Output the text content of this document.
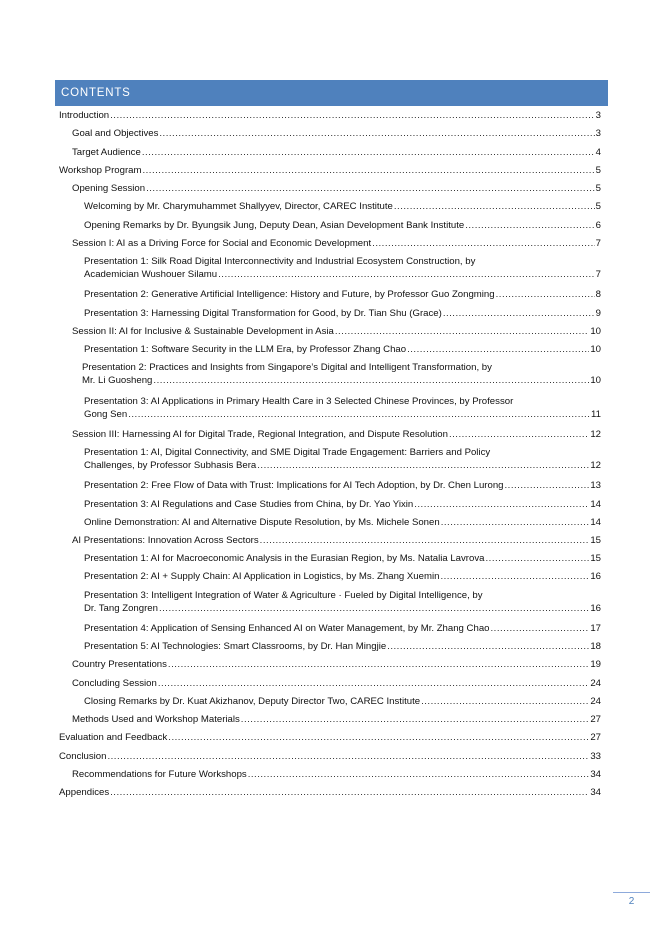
CONTENTS
Introduction .....	3
Goal and Objectives .....	3
Target Audience .....	4
Workshop Program .....	5
Opening Session .....	5
Welcoming by Mr. Charymuhammet Shallyyev, Director, CAREC Institute .....	5
Opening Remarks by Dr. Byungsik Jung, Deputy Dean, Asian Development Bank Institute .....	6
Session I: AI as a Driving Force for Social and Economic Development .....	7
Presentation 1: Silk Road Digital Interconnectivity and Industrial Ecosystem Construction, by
Academician Wushouer Silamu .....	7
Presentation 2: Generative Artificial Intelligence: History and Future, by Professor Guo Zongming .....	8
Presentation 3: Harnessing Digital Transformation for Good, by Dr. Tian Shu (Grace) .....	9
Session II: AI for Inclusive & Sustainable Development in Asia .....	10
Presentation 1: Software Security in the LLM Era, by Professor Zhang Chao .....	10
Presentation 2: Practices and Insights from Singapore’s Digital and Intelligent Transformation, by
Mr. Li Guosheng .....	10
Presentation 3: AI Applications in Primary Health Care in 3 Selected Chinese Provinces, by Professor
Gong Sen .....	11
Session III: Harnessing AI for Digital Trade, Regional Integration, and Dispute Resolution .....	12
Presentation 1: AI, Digital Connectivity, and SME Digital Trade Engagement: Barriers and Policy
Challenges, by Professor Subhasis Bera .....	12
Presentation 2: Free Flow of Data with Trust: Implications for AI Tech Adoption, by Dr. Chen Lurong .....	13
Presentation 3: AI Regulations and Case Studies from China, by Dr. Yao Yixin .....	14
Online Demonstration: AI and Alternative Dispute Resolution, by Ms. Michele Sonen .....	14
AI Presentations: Innovation Across Sectors .....	15
Presentation 1: AI for Macroeconomic Analysis in the Eurasian Region, by Ms. Natalia Lavrova .....	15
Presentation 2: AI + Supply Chain: AI Application in Logistics, by Ms. Zhang Xuemin .....	16
Presentation 3: Intelligent Integration of Water & Agriculture · Fueled by Digital Intelligence, by
Dr. Tang Zongren .....	16
Presentation 4: Application of Sensing Enhanced AI on Water Management, by Mr. Zhang Chao .....	17
Presentation 5: AI Technologies: Smart Classrooms, by Dr. Han Mingjie .....	18
Country Presentations .....	19
Concluding Session .....	24
Closing Remarks by Dr. Kuat Akizhanov, Deputy Director Two, CAREC Institute .....	24
Methods Used and Workshop Materials .....	27
Evaluation and Feedback .....	27
Conclusion .....	33
Recommendations for Future Workshops .....	34
Appendices .....	34
2
